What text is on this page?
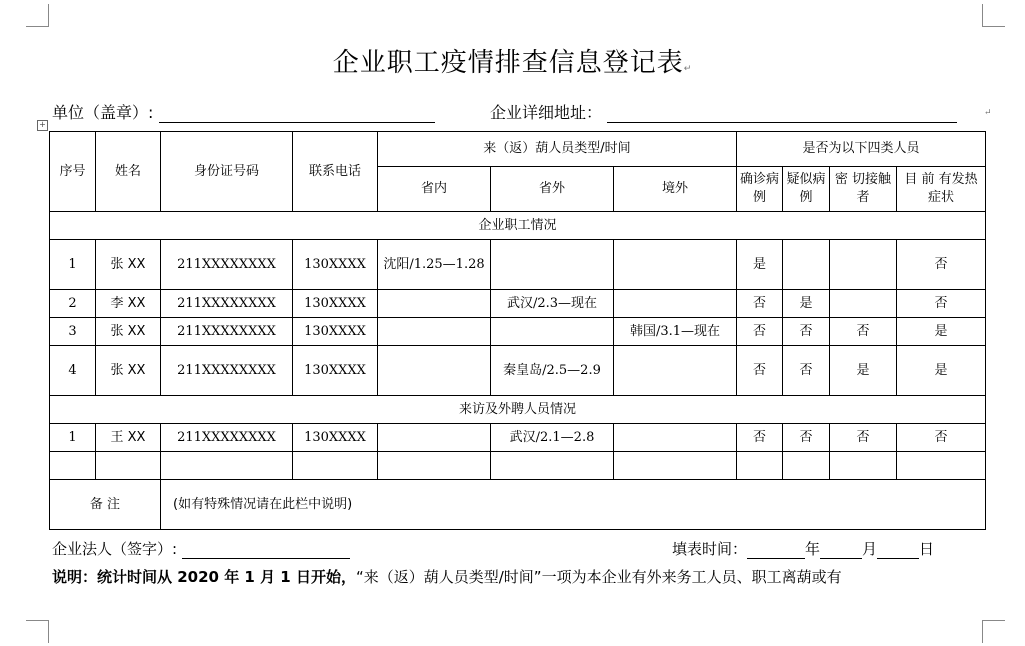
企业职工疫情排查信息登记表↵
单位（盖章）:	企业详细地址：	↵
+
序号	姓名	身份证号码	联系电话	来（返）葫人员类型/时间			是否为以下四类人员			
				省内	省外	境外	确诊病例	疑似病例	密 切接触者	目 前 有发热症状
企业职工情况										
1	张 XX	211XXXXXXXX	130XXXX	沈阳/1.25—1.28			是			否
2	李 XX	211XXXXXXXX	130XXXX		武汉/2.3—现在		否	是		否
3	张 XX	211XXXXXXXX	130XXXX			韩国/3.1—现在	否	否	否	是
4	张 XX	211XXXXXXXX	130XXXX		秦皇岛/2.5—2.9		否	否	是	是
来访及外聘人员情况										
1	王 XX	211XXXXXXXX	130XXXX		武汉/2.1—2.8		否	否	否	否

备 注		(如有特殊情况请在此栏中说明)								
企业法人（签字）:	填表时间：	年	月	日
说明：统计时间从 2020 年 1 月 1 日开始，“来（返）葫人员类型/时间”一项为本企业有外来务工人员、职工离葫或有
